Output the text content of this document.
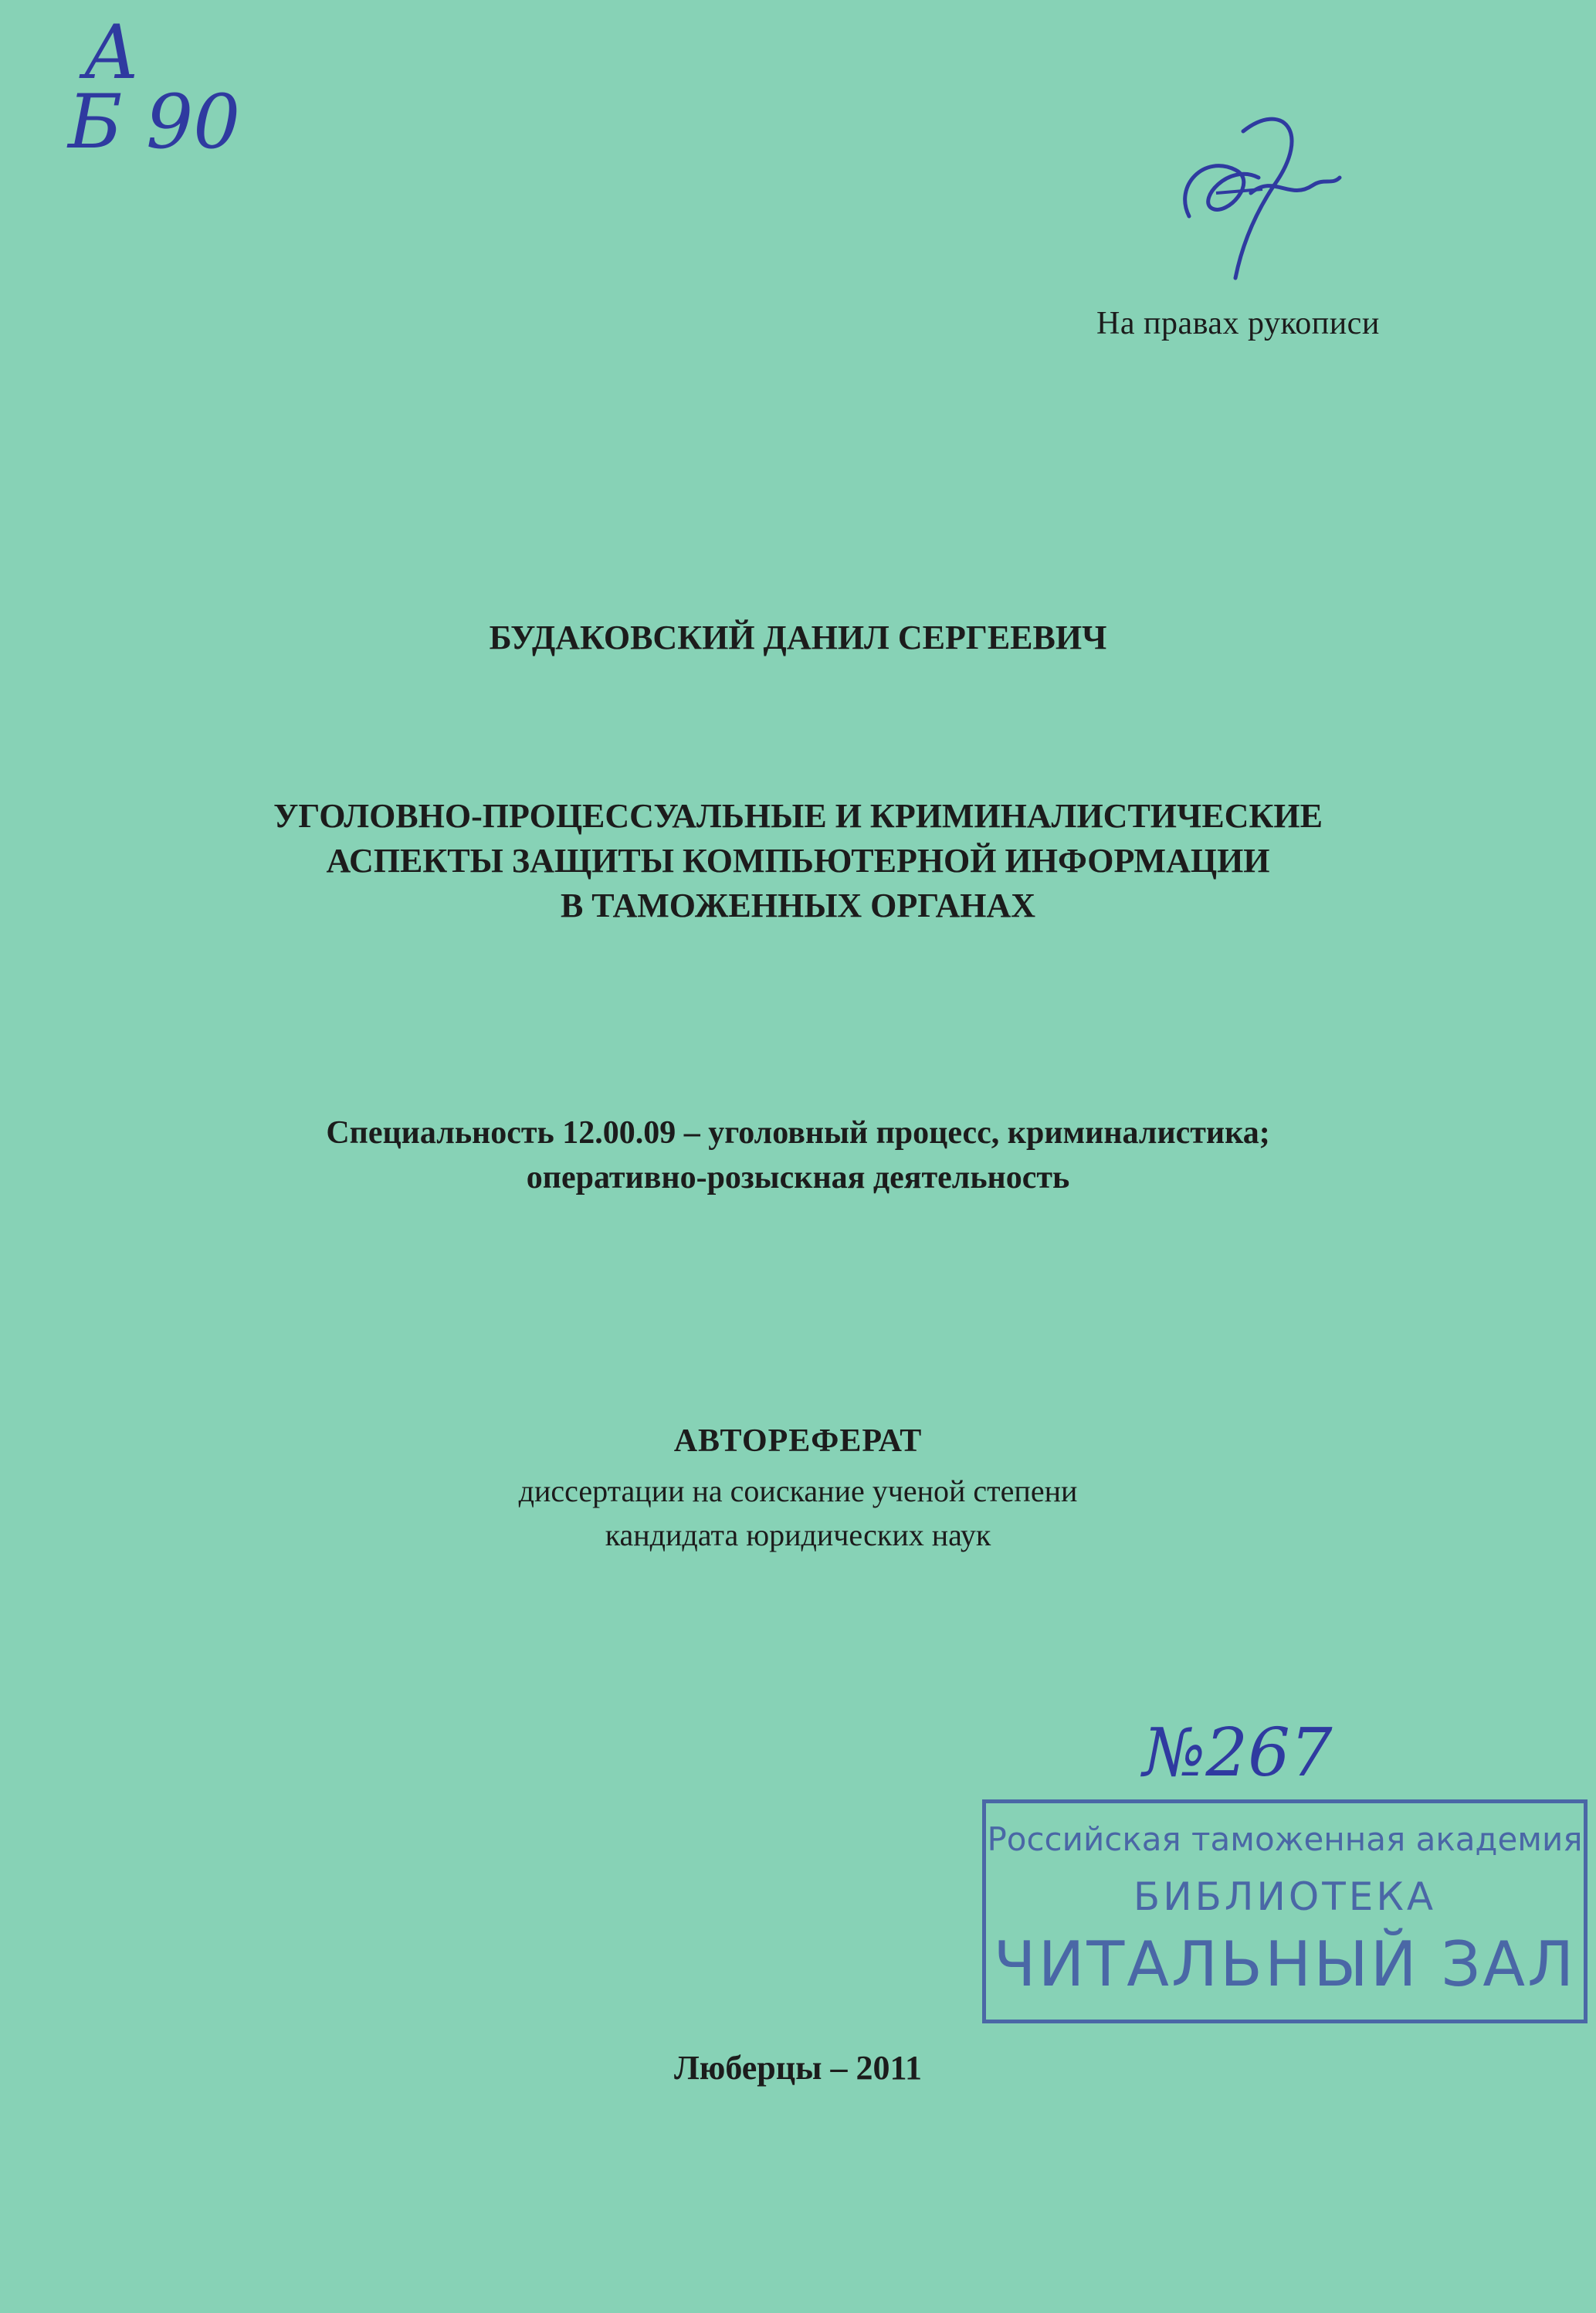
А
Б 90
На правах рукописи
БУДАКОВСКИЙ ДАНИЛ СЕРГЕЕВИЧ
УГОЛОВНО-ПРОЦЕССУАЛЬНЫЕ И КРИМИНАЛИСТИЧЕСКИЕ
АСПЕКТЫ ЗАЩИТЫ КОМПЬЮТЕРНОЙ ИНФОРМАЦИИ
В ТАМОЖЕННЫХ ОРГАНАХ
Специальность 12.00.09 – уголовный процесс, криминалистика;
оперативно-розыскная деятельность
АВТОРЕФЕРАТ
диссертации на соискание ученой степени
кандидата юридических наук
№267
Российская таможенная академия
БИБЛИОТЕКА
ЧИТАЛЬНЫЙ ЗАЛ
Люберцы – 2011
